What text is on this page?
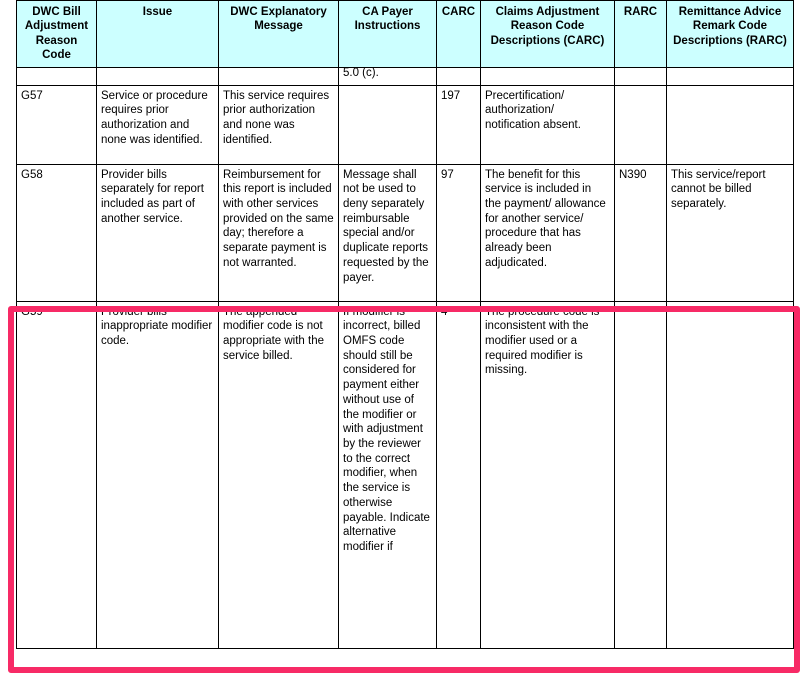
DWC Bill Adjustment Reason Code	Issue	DWC Explanatory Message	CA Payer Instructions	CARC	Claims Adjustment Reason Code Descriptions (CARC)	RARC	Remittance Advice Remark Code Descriptions (RARC)

			5.0 (c).				

G57	Service or procedure requires prior authorization and none was identified.	This service requires prior authorization and none was identified.		197	Precertification/ authorization/ notification absent.		
G58	Provider bills separately for report included as part of another service.	Reimbursement for this report is included with other services provided on the same day; therefore a separate payment is not warranted.	Message shall not be used to deny separately reimbursable special and/or duplicate reports requested by the payer.	97	The benefit for this service is included in the payment/ allowance for another service/ procedure that has already been adjudicated.	N390	This service/report cannot be billed separately.
G59	Provider bills inappropriate modifier code.	The appended modifier code is not appropriate with the service billed.	If modifier is incorrect, billed OMFS code should still be considered for payment either without use of the modifier or with adjustment by the reviewer to the correct modifier, when the service is otherwise payable. Indicate alternative modifier if	4	The procedure code is inconsistent with the modifier used or a required modifier is missing.		
